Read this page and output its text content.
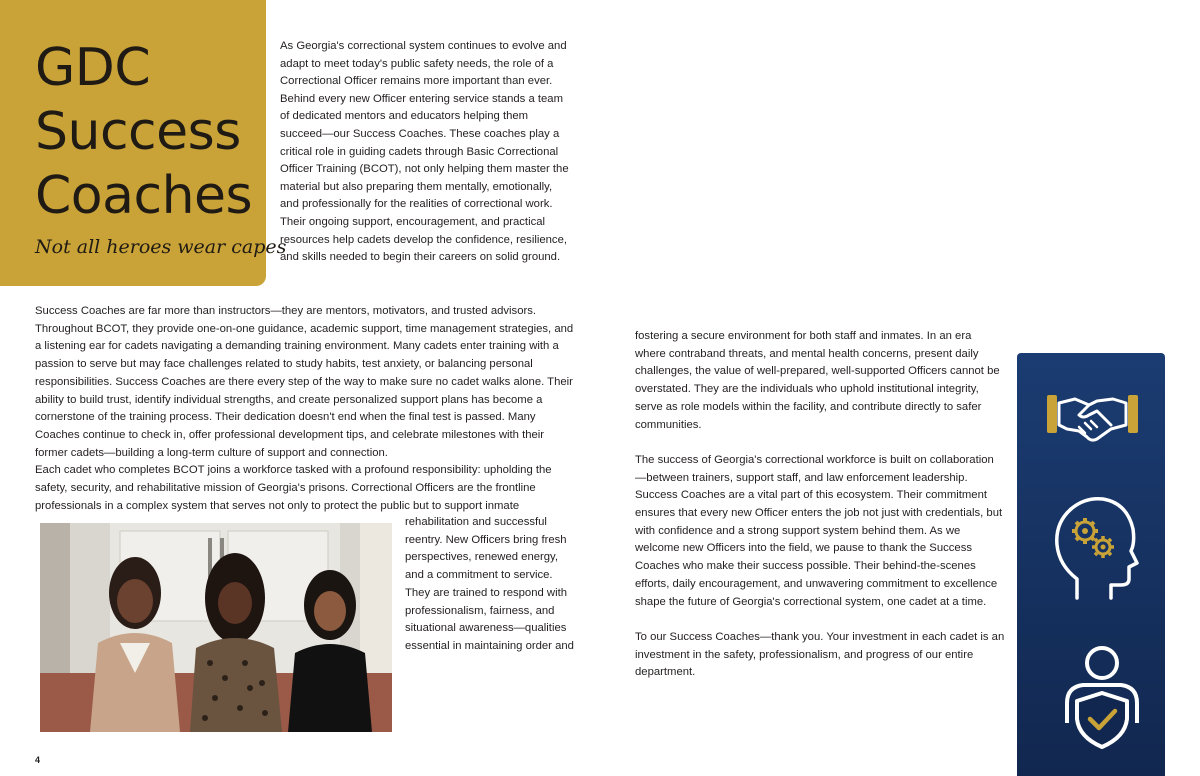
GDC
Success
Coaches
Not all heroes wear capes

As Georgia's correctional system continues to evolve and adapt to meet today's public safety needs, the role of a Correctional Officer remains more important than ever. Behind every new Officer entering service stands a team of dedicated mentors and educators helping them succeed—our Success Coaches. These coaches play a critical role in guiding cadets through Basic Correctional Officer Training (BCOT), not only helping them master the material but also preparing them mentally, emotionally, and professionally for the realities of correctional work. Their ongoing support, encouragement, and practical resources help cadets develop the confidence, resilience, and skills needed to begin their careers on solid ground.

Success Coaches are far more than instructors—they are mentors, motivators, and trusted advisors. Throughout BCOT, they provide one-on-one guidance, academic support, time management strategies, and a listening ear for cadets navigating a demanding training environment. Many cadets enter training with a passion to serve but may face challenges related to study habits, test anxiety, or balancing personal responsibilities. Success Coaches are there every step of the way to make sure no cadet walks alone. Their ability to build trust, identify individual strengths, and create personalized support plans has become a cornerstone of the training process. Their dedication doesn't end when the final test is passed. Many Coaches continue to check in, offer professional development tips, and celebrate milestones with their former cadets—building a long-term culture of support and connection.

Each cadet who completes BCOT joins a workforce tasked with a profound responsibility: upholding the safety, security, and rehabilitative mission of Georgia's prisons. Correctional Officers are the frontline professionals in a complex system that serves not only to protect the public but to support inmate

rehabilitation and successful reentry. New Officers bring fresh perspectives, renewed energy, and a commitment to service. They are trained to respond with professionalism, fairness, and situational awareness—qualities essential in maintaining order and

fostering a secure environment for both staff and inmates. In an era where contraband threats, and mental health concerns, present daily challenges, the value of well-prepared, well-supported Officers cannot be overstated. They are the individuals who uphold institutional integrity, serve as role models within the facility, and contribute directly to safer communities.

The success of Georgia's correctional workforce is built on collaboration—between trainers, support staff, and law enforcement leadership. Success Coaches are a vital part of this ecosystem. Their commitment ensures that every new Officer enters the job not just with credentials, but with confidence and a strong support system behind them. As we welcome new Officers into the field, we pause to thank the Success Coaches who make their success possible. Their behind-the-scenes efforts, daily encouragement, and unwavering commitment to excellence shape the future of Georgia's correctional system, one cadet at a time.

To our Success Coaches—thank you. Your investment in each cadet is an investment in the safety, professionalism, and progress of our entire department.

4
